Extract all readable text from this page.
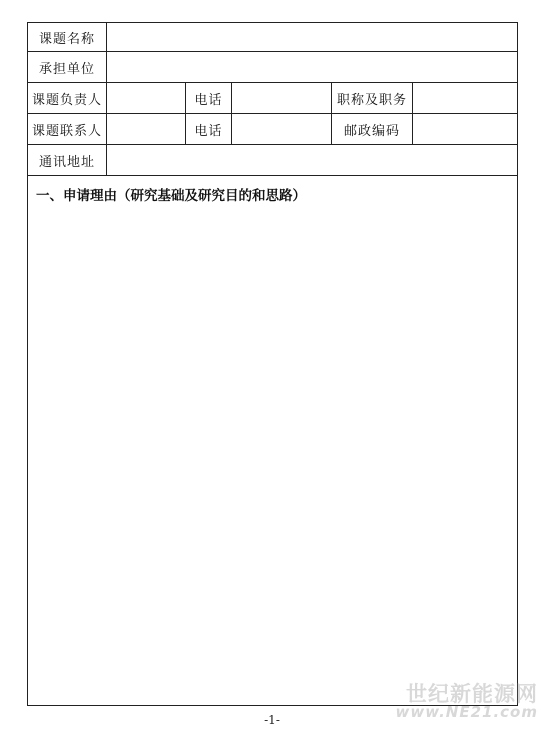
课题名称
承担单位
课题负责人	电话	职称及职务
课题联系人	电话	邮政编码
通讯地址
一、申请理由（研究基础及研究目的和思路）
-1-
世纪新能源网
www.NE21.com
